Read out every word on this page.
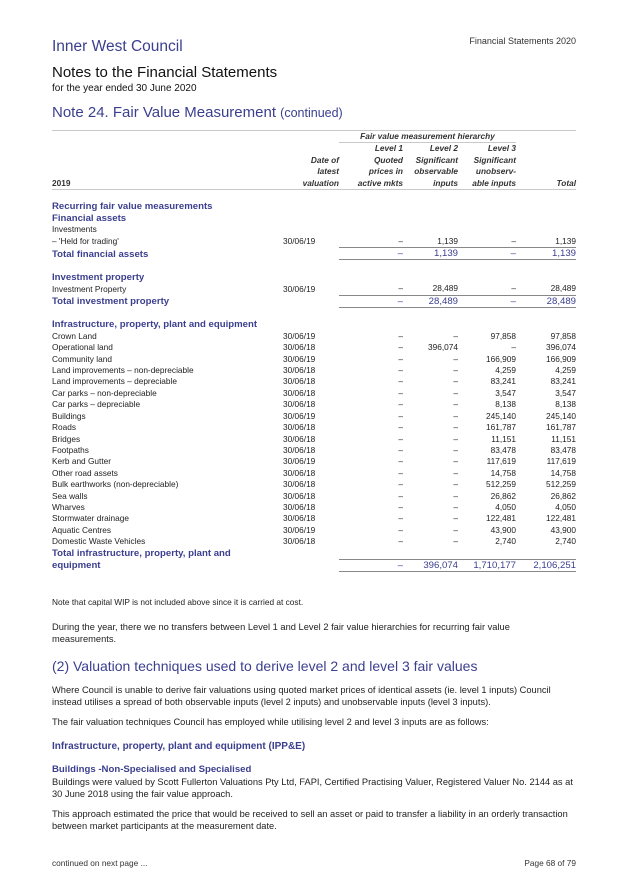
Inner West Council	Financial Statements 2020
Notes to the Financial Statements
for the year ended 30 June 2020
Note 24. Fair Value Measurement (continued)
		Fair value measurement hierarchy			
		Level 1	Level 2	Level 3	
	Date of	Quoted	Significant	Significant	
	latest	prices in	observable	unobserv-	
2019	valuation	active mkts	inputs	able inputs	Total

Recurring fair value measurements					
Financial assets					
Investments					
– 'Held for trading'	30/06/19	–	1,139	–	1,139
Total financial assets		–	1,139	–	1,139

Investment property					
Investment Property	30/06/19	–	28,489	–	28,489
Total investment property		–	28,489	–	28,489

Infrastructure, property, plant and equipment					
Crown Land	30/06/19	–	–	97,858	97,858
Operational land	30/06/18	–	396,074	–	396,074
Community land	30/06/19	–	–	166,909	166,909
Land improvements – non-depreciable	30/06/18	–	–	4,259	4,259
Land improvements – depreciable	30/06/18	–	–	83,241	83,241
Car parks – non-depreciable	30/06/18	–	–	3,547	3,547
Car parks – depreciable	30/06/18	–	–	8,138	8,138
Buildings	30/06/19	–	–	245,140	245,140
Roads	30/06/18	–	–	161,787	161,787
Bridges	30/06/18	–	–	11,151	11,151
Footpaths	30/06/18	–	–	83,478	83,478
Kerb and Gutter	30/06/19	–	–	117,619	117,619
Other road assets	30/06/18	–	–	14,758	14,758
Bulk earthworks (non-depreciable)	30/06/18	–	–	512,259	512,259
Sea walls	30/06/18	–	–	26,862	26,862
Wharves	30/06/18	–	–	4,050	4,050
Stormwater drainage	30/06/18	–	–	122,481	122,481
Aquatic Centres	30/06/19	–	–	43,900	43,900
Domestic Waste Vehicles	30/06/18	–	–	2,740	2,740
Total infrastructure, property, plant and					
equipment		–	396,074	1,710,177	2,106,251
Note that capital WIP is not included above since it is carried at cost.
During the year, there we no transfers between Level 1 and Level 2 fair value hierarchies for recurring fair value measurements.
(2) Valuation techniques used to derive level 2 and level 3 fair values
Where Council is unable to derive fair valuations using quoted market prices of identical assets (ie. level 1 inputs) Council instead utilises a spread of both observable inputs (level 2 inputs) and unobservable inputs (level 3 inputs).
The fair valuation techniques Council has employed while utilising level 2 and level 3 inputs are as follows:
Infrastructure, property, plant and equipment (IPP&E)
Buildings -Non-Specialised and Specialised
Buildings were valued by Scott Fullerton Valuations Pty Ltd, FAPI, Certified Practising Valuer, Registered Valuer No. 2144 as at 30 June 2018 using the fair value approach.
This approach estimated the price that would be received to sell an asset or paid to transfer a liability in an orderly transaction between market participants at the measurement date.
continued on next page ...	Page 68 of 79
